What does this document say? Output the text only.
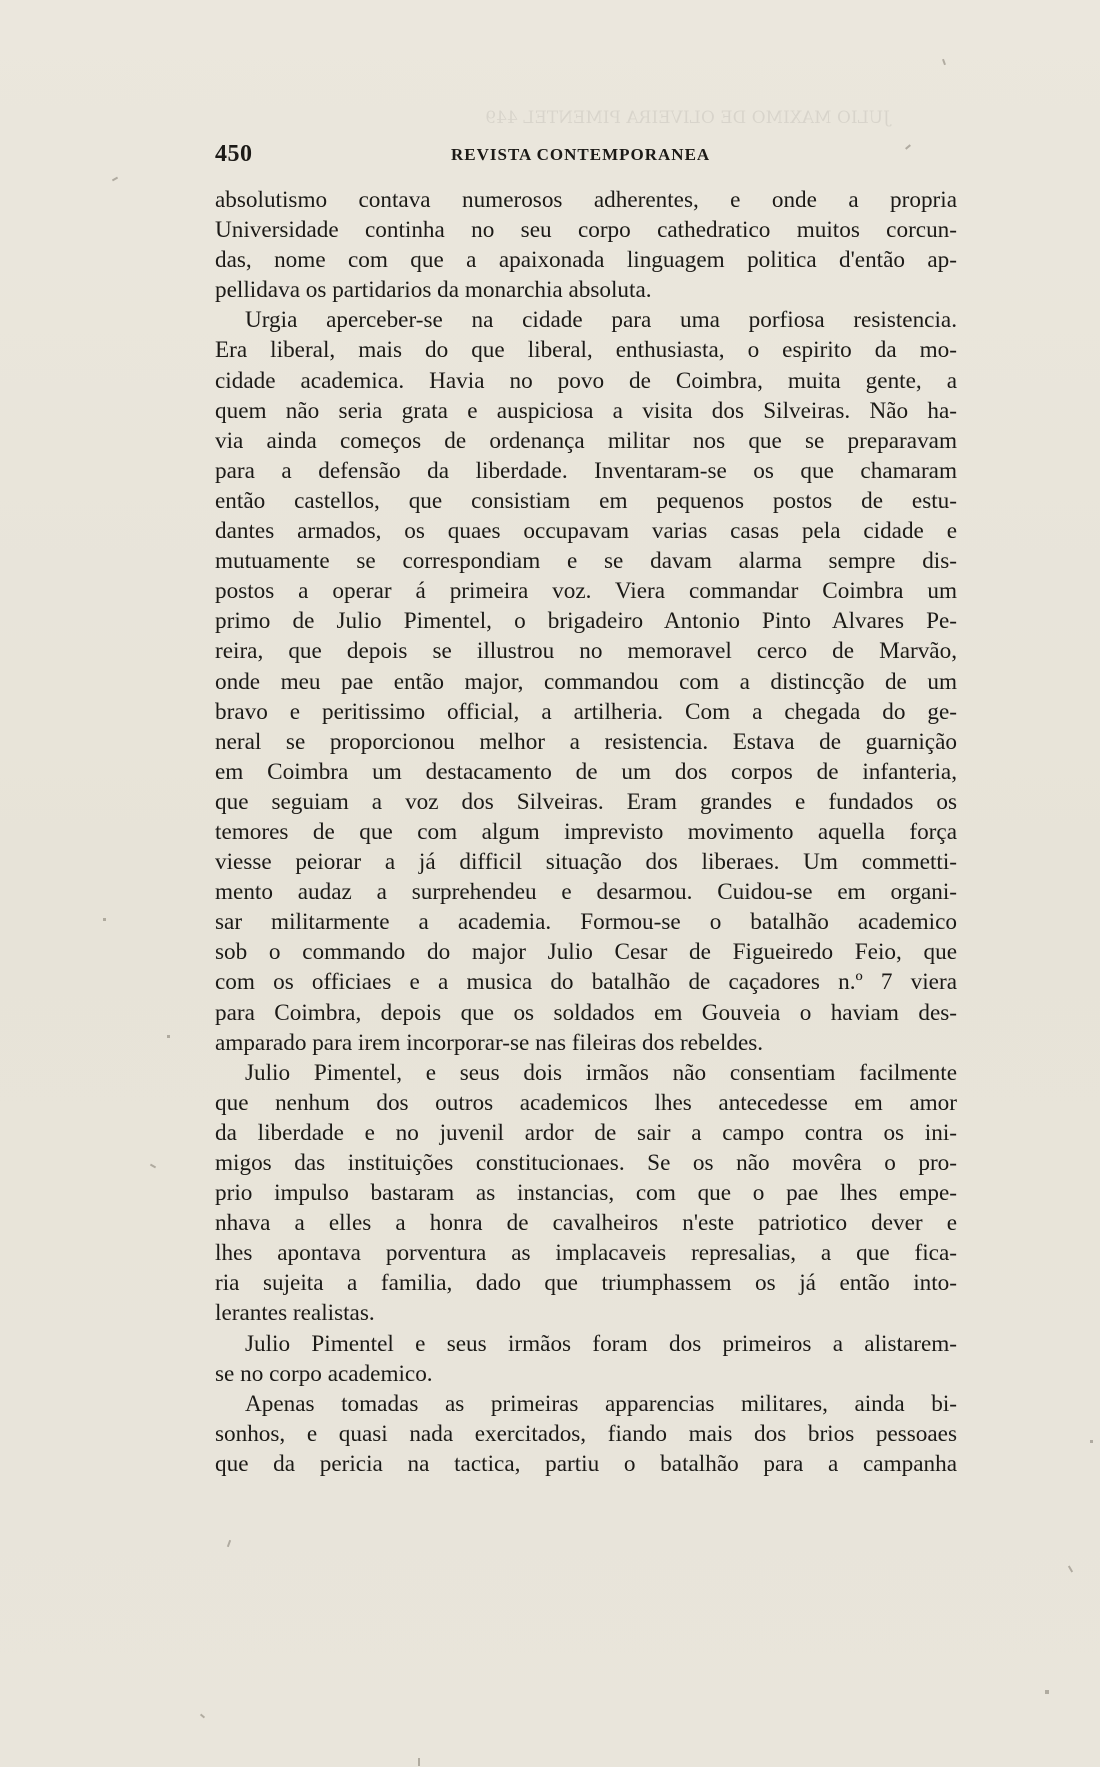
JULIO MAXIMO DE OLIVEIRA PIMENTEL 449
450	REVISTA CONTEMPORANEA
absolutismo contava numerosos adherentes, e onde a propria
Universidade continha no seu corpo cathedratico muitos corcun-
das, nome com que a apaixonada linguagem politica d'então ap-
pellidava os partidarios da monarchia absoluta.
Urgia aperceber-se na cidade para uma porfiosa resistencia.
Era liberal, mais do que liberal, enthusiasta, o espirito da mo-
cidade academica. Havia no povo de Coimbra, muita gente, a
quem não seria grata e auspiciosa a visita dos Silveiras. Não ha-
via ainda começos de ordenança militar nos que se preparavam
para a defensão da liberdade. Inventaram-se os que chamaram
então castellos, que consistiam em pequenos postos de estu-
dantes armados, os quaes occupavam varias casas pela cidade e
mutuamente se correspondiam e se davam alarma sempre dis-
postos a operar á primeira voz. Viera commandar Coimbra um
primo de Julio Pimentel, o brigadeiro Antonio Pinto Alvares Pe-
reira, que depois se illustrou no memoravel cerco de Marvão,
onde meu pae então major, commandou com a distincção de um
bravo e peritissimo official, a artilheria. Com a chegada do ge-
neral se proporcionou melhor a resistencia. Estava de guarnição
em Coimbra um destacamento de um dos corpos de infanteria,
que seguiam a voz dos Silveiras. Eram grandes e fundados os
temores de que com algum imprevisto movimento aquella força
viesse peiorar a já difficil situação dos liberaes. Um commetti-
mento audaz a surprehendeu e desarmou. Cuidou-se em organi-
sar militarmente a academia. Formou-se o batalhão academico
sob o commando do major Julio Cesar de Figueiredo Feio, que
com os officiaes e a musica do batalhão de caçadores n.º 7 viera
para Coimbra, depois que os soldados em Gouveia o haviam des-
amparado para irem incorporar-se nas fileiras dos rebeldes.
Julio Pimentel, e seus dois irmãos não consentiam facilmente
que nenhum dos outros academicos lhes antecedesse em amor
da liberdade e no juvenil ardor de sair a campo contra os ini-
migos das instituições constitucionaes. Se os não movêra o pro-
prio impulso bastaram as instancias, com que o pae lhes empe-
nhava a elles a honra de cavalheiros n'este patriotico dever e
lhes apontava porventura as implacaveis represalias, a que fica-
ria sujeita a familia, dado que triumphassem os já então into-
lerantes realistas.
Julio Pimentel e seus irmãos foram dos primeiros a alistarem-
se no corpo academico.
Apenas tomadas as primeiras apparencias militares, ainda bi-
sonhos, e quasi nada exercitados, fiando mais dos brios pessoaes
que da pericia na tactica, partiu o batalhão para a campanha
